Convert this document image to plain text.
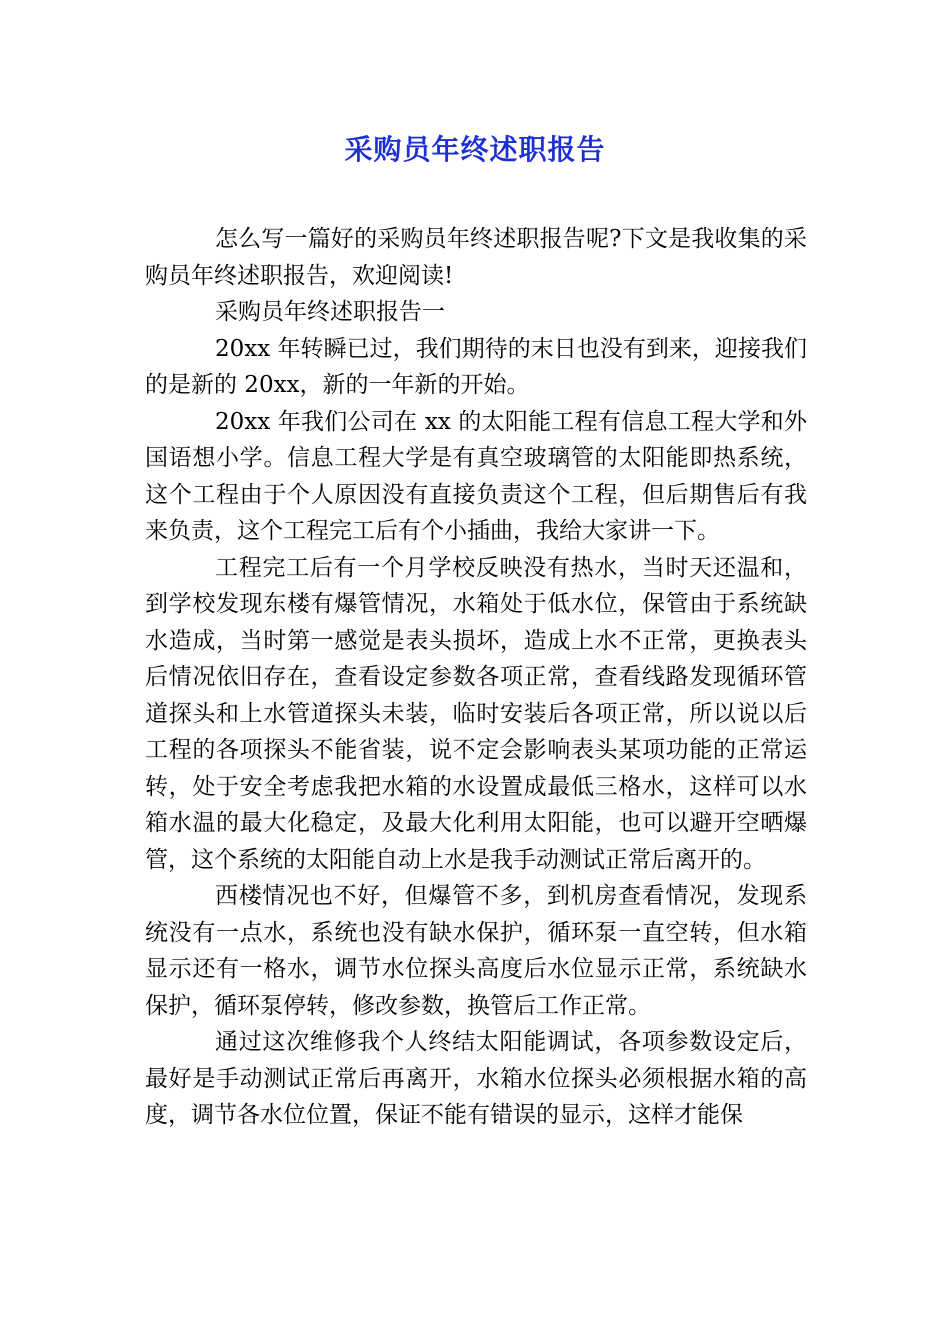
采购员年终述职报告

怎么写一篇好的采购员年终述职报告呢?下文是我收集的采购员年终述职报告，欢迎阅读!

采购员年终述职报告一

20xx 年转瞬已过，我们期待的末日也没有到来，迎接我们的是新的 20xx，新的一年新的开始。

20xx 年我们公司在 xx 的太阳能工程有信息工程大学和外国语想小学。信息工程大学是有真空玻璃管的太阳能即热系统，这个工程由于个人原因没有直接负责这个工程，但后期售后有我来负责，这个工程完工后有个小插曲，我给大家讲一下。

工程完工后有一个月学校反映没有热水，当时天还温和，到学校发现东楼有爆管情况，水箱处于低水位，保管由于系统缺水造成，当时第一感觉是表头损坏，造成上水不正常，更换表头后情况依旧存在，查看设定参数各项正常，查看线路发现循环管道探头和上水管道探头未装，临时安装后各项正常，所以说以后工程的各项探头不能省装，说不定会影响表头某项功能的正常运转，处于安全考虑我把水箱的水设置成最低三格水，这样可以水箱水温的最大化稳定，及最大化利用太阳能，也可以避开空晒爆管，这个系统的太阳能自动上水是我手动测试正常后离开的。

西楼情况也不好，但爆管不多，到机房查看情况，发现系统没有一点水，系统也没有缺水保护，循环泵一直空转，但水箱显示还有一格水，调节水位探头高度后水位显示正常，系统缺水保护，循环泵停转，修改参数，换管后工作正常。

通过这次维修我个人终结太阳能调试，各项参数设定后，最好是手动测试正常后再离开，水箱水位探头必须根据水箱的高度，调节各水位位置，保证不能有错误的显示，这样才能保
